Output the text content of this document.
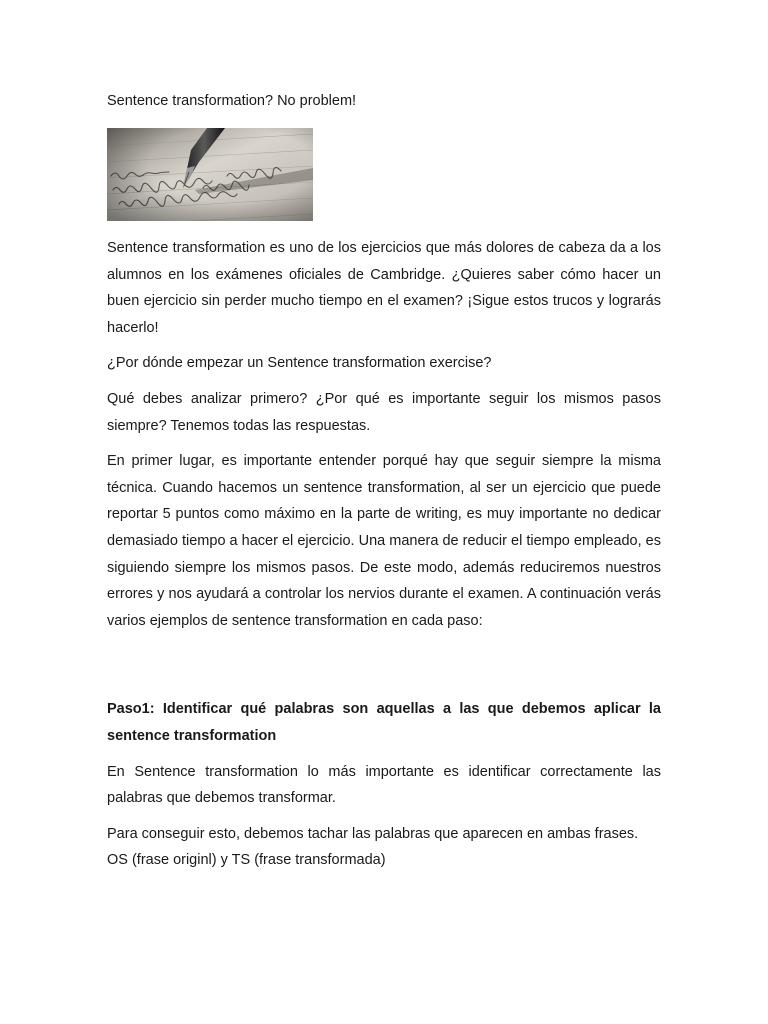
Sentence transformation? No problem!

Sentence transformation es uno de los ejercicios que más dolores de cabeza da a los alumnos en los exámenes oficiales de Cambridge. ¿Quieres saber cómo hacer un buen ejercicio sin perder mucho tiempo en el examen? ¡Sigue estos trucos y lograrás hacerlo!

¿Por dónde empezar un Sentence transformation exercise?

Qué debes analizar primero? ¿Por qué es importante seguir los mismos pasos siempre? Tenemos todas las respuestas.

En primer lugar, es importante entender porqué hay que seguir siempre la misma técnica. Cuando hacemos un sentence transformation, al ser un ejercicio que puede reportar 5 puntos como máximo en la parte de writing, es muy importante no dedicar demasiado tiempo a hacer el ejercicio. Una manera de reducir el tiempo empleado, es siguiendo siempre los mismos pasos. De este modo, además reduciremos nuestros errores y nos ayudará a controlar los nervios durante el examen. A continuación verás varios ejemplos de sentence transformation en cada paso:

Paso1: Identificar qué palabras son aquellas a las que debemos aplicar la sentence transformation

En Sentence transformation lo más importante es identificar correctamente las palabras que debemos transformar.

Para conseguir esto, debemos tachar las palabras que aparecen en ambas frases. OS (frase originl) y TS (frase transformada)
